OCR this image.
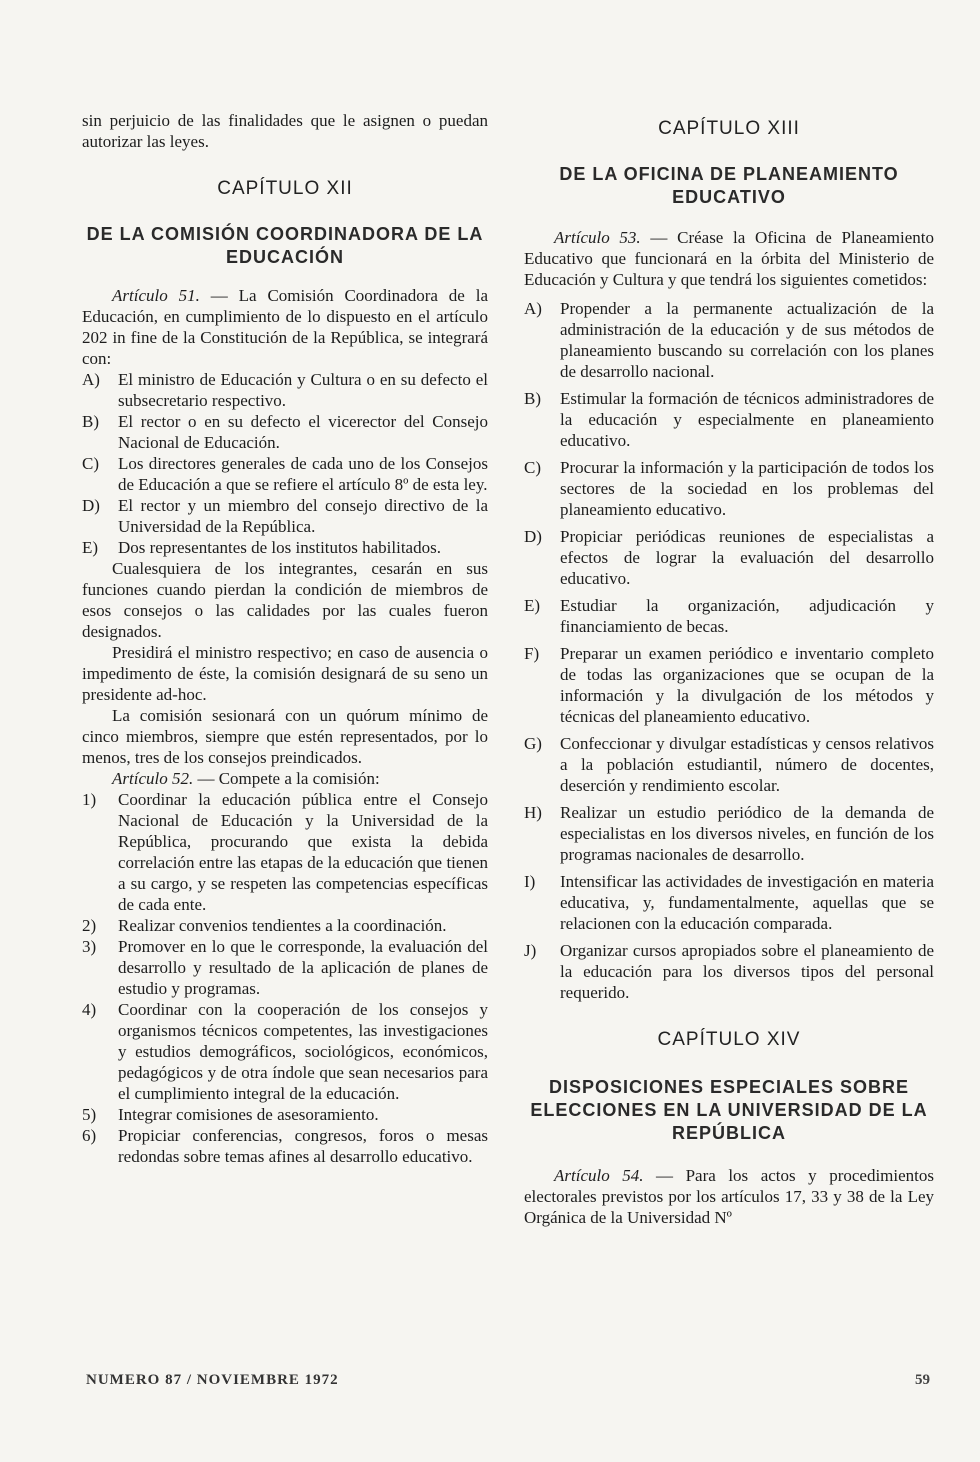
sin perjuicio de las finalidades que le asignen o puedan autorizar las leyes.

CAPÍTULO XII
DE LA COMISIÓN COORDINADORA DE LA EDUCACIÓN

Artículo 51. — La Comisión Coordinadora de la Educación, en cumplimiento de lo dispuesto en el artículo 202 in fine de la Constitución de la República, se integrará con:

A) El ministro de Educación y Cultura o en su defecto el subsecretario respectivo.
B) El rector o en su defecto el vicerector del Consejo Nacional de Educación.
C) Los directores generales de cada uno de los Consejos de Educación a que se refiere el artículo 8º de esta ley.
D) El rector y un miembro del consejo directivo de la Universidad de la República.
E) Dos representantes de los institutos habilitados.

Cualesquiera de los integrantes, cesarán en sus funciones cuando pierdan la condición de miembros de esos consejos o las calidades por las cuales fueron designados.

Presidirá el ministro respectivo; en caso de ausencia o impedimento de éste, la comisión designará de su seno un presidente ad-hoc.

La comisión sesionará con un quórum mínimo de cinco miembros, siempre que estén representados, por lo menos, tres de los consejos preindicados.

Artículo 52. — Compete a la comisión:

1) Coordinar la educación pública entre el Consejo Nacional de Educación y la Universidad de la República, procurando que exista la debida correlación entre las etapas de la educación que tienen a su cargo, y se respeten las competencias específicas de cada ente.
2) Realizar convenios tendientes a la coordinación.
3) Promover en lo que le corresponde, la evaluación del desarrollo y resultado de la aplicación de planes de estudio y programas.
4) Coordinar con la cooperación de los consejos y organismos técnicos competentes, las investigaciones y estudios demográficos, sociológicos, económicos, pedagógicos y de otra índole que sean necesarios para el cumplimiento integral de la educación.
5) Integrar comisiones de asesoramiento.
6) Propiciar conferencias, congresos, foros o mesas redondas sobre temas afines al desarrollo educativo.
CAPÍTULO XIII
DE LA OFICINA DE PLANEAMIENTO EDUCATIVO

Artículo 53. — Créase la Oficina de Planeamiento Educativo que funcionará en la órbita del Ministerio de Educación y Cultura y que tendrá los siguientes cometidos:

A) Propender a la permanente actualización de la administración de la educación y de sus métodos de planeamiento buscando su correlación con los planes de desarrollo nacional.
B) Estimular la formación de técnicos administradores de la educación y especialmente en planeamiento educativo.
C) Procurar la información y la participación de todos los sectores de la sociedad en los problemas del planeamiento educativo.
D) Propiciar periódicas reuniones de especialistas a efectos de lograr la evaluación del desarrollo educativo.
E) Estudiar la organización, adjudicación y financiamiento de becas.
F) Preparar un examen periódico e inventario completo de todas las organizaciones que se ocupan de la información y la divulgación de los métodos y técnicas del planeamiento educativo.
G) Confeccionar y divulgar estadísticas y censos relativos a la población estudiantil, número de docentes, deserción y rendimiento escolar.
H) Realizar un estudio periódico de la demanda de especialistas en los diversos niveles, en función de los programas nacionales de desarrollo.
I) Intensificar las actividades de investigación en materia educativa, y, fundamentalmente, aquellas que se relacionen con la educación comparada.
J) Organizar cursos apropiados sobre el planeamiento de la educación para los diversos tipos del personal requerido.
CAPÍTULO XIV
DISPOSICIONES ESPECIALES SOBRE ELECCIONES EN LA UNIVERSIDAD DE LA REPÚBLICA

Artículo 54. — Para los actos y procedimientos electorales previstos por los artículos 17, 33 y 38 de la Ley Orgánica de la Universidad Nº

NUMERO 87 / NOVIEMBRE 1972	59
